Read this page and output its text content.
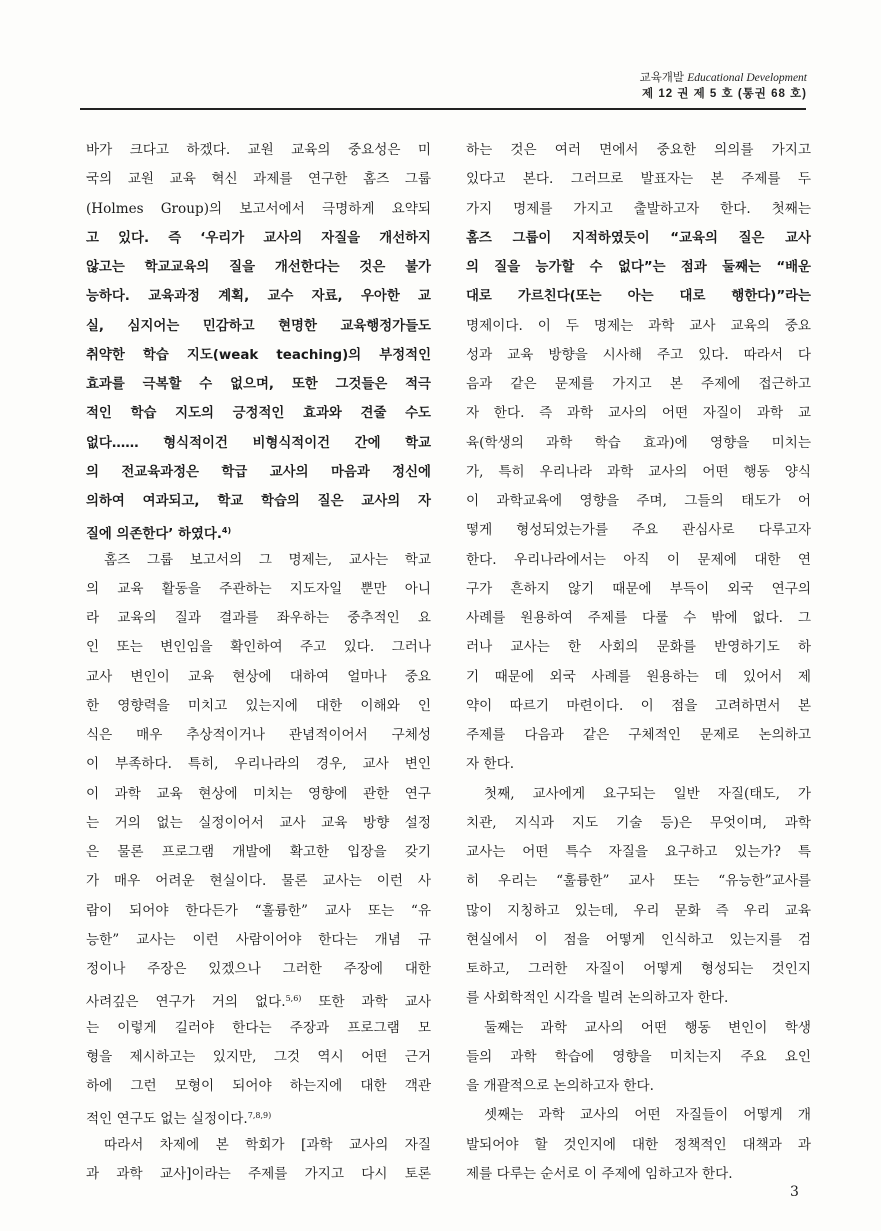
교육개발 Educational Development
제 12 권 제 5 호 (통권 68 호)
바가 크다고 하겠다. 교원 교육의 중요성은 미
국의 교원 교육 혁신 과제를 연구한 홈즈 그룹
(Holmes Group)의 보고서에서 극명하게 요약되
고 있다. 즉 ‘우리가 교사의 자질을 개선하지
않고는 학교교육의 질을 개선한다는 것은 불가
능하다. 교육과정 계획, 교수 자료, 우아한 교
실, 심지어는 민감하고 현명한 교육행정가들도
취약한 학습 지도(weak teaching)의 부정적인
효과를 극복할 수 없으며, 또한 그것들은 적극
적인 학습 지도의 긍정적인 효과와 견줄 수도
없다…… 형식적이건 비형식적이건 간에 학교
의 전교육과정은 학급 교사의 마음과 정신에
의하여 여과되고, 학교 학습의 질은 교사의 자
질에 의존한다’ 하였다.$^{4)}$
홈즈 그룹 보고서의 그 명제는, 교사는 학교
의 교육 활동을 주관하는 지도자일 뿐만 아니
라 교육의 질과 결과를 좌우하는 중추적인 요
인 또는 변인임을 확인하여 주고 있다. 그러나
교사 변인이 교육 현상에 대하여 얼마나 중요
한 영향력을 미치고 있는지에 대한 이해와 인
식은 매우 추상적이거나 관념적이어서 구체성
이 부족하다. 특히, 우리나라의 경우, 교사 변인
이 과학 교육 현상에 미치는 영향에 관한 연구
는 거의 없는 실정이어서 교사 교육 방향 설정
은 물론 프로그램 개발에 확고한 입장을 갖기
가 매우 어려운 현실이다. 물론 교사는 이런 사
람이 되어야 한다든가 “훌륭한” 교사 또는 “유
능한” 교사는 이런 사람이어야 한다는 개념 규
정이나 주장은 있겠으나 그러한 주장에 대한
사려깊은 연구가 거의 없다.$^{5,6)}$ 또한 과학 교사
는 이렇게 길러야 한다는 주장과 프로그램 모
형을 제시하고는 있지만, 그것 역시 어떤 근거
하에 그런 모형이 되어야 하는지에 대한 객관
적인 연구도 없는 실정이다.$^{7,8,9)}$
따라서 차제에 본 학회가 [과학 교사의 자질
과 과학 교사]이라는 주제를 가지고 다시 토론
하는 것은 여러 면에서 중요한 의의를 가지고
있다고 본다. 그러므로 발표자는 본 주제를 두
가지 명제를 가지고 출발하고자 한다. 첫째는
홈즈 그룹이 지적하였듯이 “교육의 질은 교사
의 질을 능가할 수 없다”는 점과 둘째는 “배운
대로 가르친다(또는 아는 대로 행한다)”라는
명제이다. 이 두 명제는 과학 교사 교육의 중요
성과 교육 방향을 시사해 주고 있다. 따라서 다
음과 같은 문제를 가지고 본 주제에 접근하고
자 한다. 즉 과학 교사의 어떤 자질이 과학 교
육(학생의 과학 학습 효과)에 영향을 미치는
가, 특히 우리나라 과학 교사의 어떤 행동 양식
이 과학교육에 영향을 주며, 그들의 태도가 어
떻게 형성되었는가를 주요 관심사로 다루고자
한다. 우리나라에서는 아직 이 문제에 대한 연
구가 흔하지 않기 때문에 부득이 외국 연구의
사례를 원용하여 주제를 다룰 수 밖에 없다. 그
러나 교사는 한 사회의 문화를 반영하기도 하
기 때문에 외국 사례를 원용하는 데 있어서 제
약이 따르기 마련이다. 이 점을 고려하면서 본
주제를 다음과 같은 구체적인 문제로 논의하고
자 한다.
첫째, 교사에게 요구되는 일반 자질(태도, 가
치관, 지식과 지도 기술 등)은 무엇이며, 과학
교사는 어떤 특수 자질을 요구하고 있는가? 특
히 우리는 “훌륭한” 교사 또는 “유능한”교사를
많이 지칭하고 있는데, 우리 문화 즉 우리 교육
현실에서 이 점을 어떻게 인식하고 있는지를 검
토하고, 그러한 자질이 어떻게 형성되는 것인지
를 사회학적인 시각을 빌려 논의하고자 한다.
둘째는 과학 교사의 어떤 행동 변인이 학생
들의 과학 학습에 영향을 미치는지 주요 요인
을 개괄적으로 논의하고자 한다.
셋째는 과학 교사의 어떤 자질들이 어떻게 개
발되어야 할 것인지에 대한 정책적인 대책과 과
제를 다루는 순서로 이 주제에 임하고자 한다.
3
